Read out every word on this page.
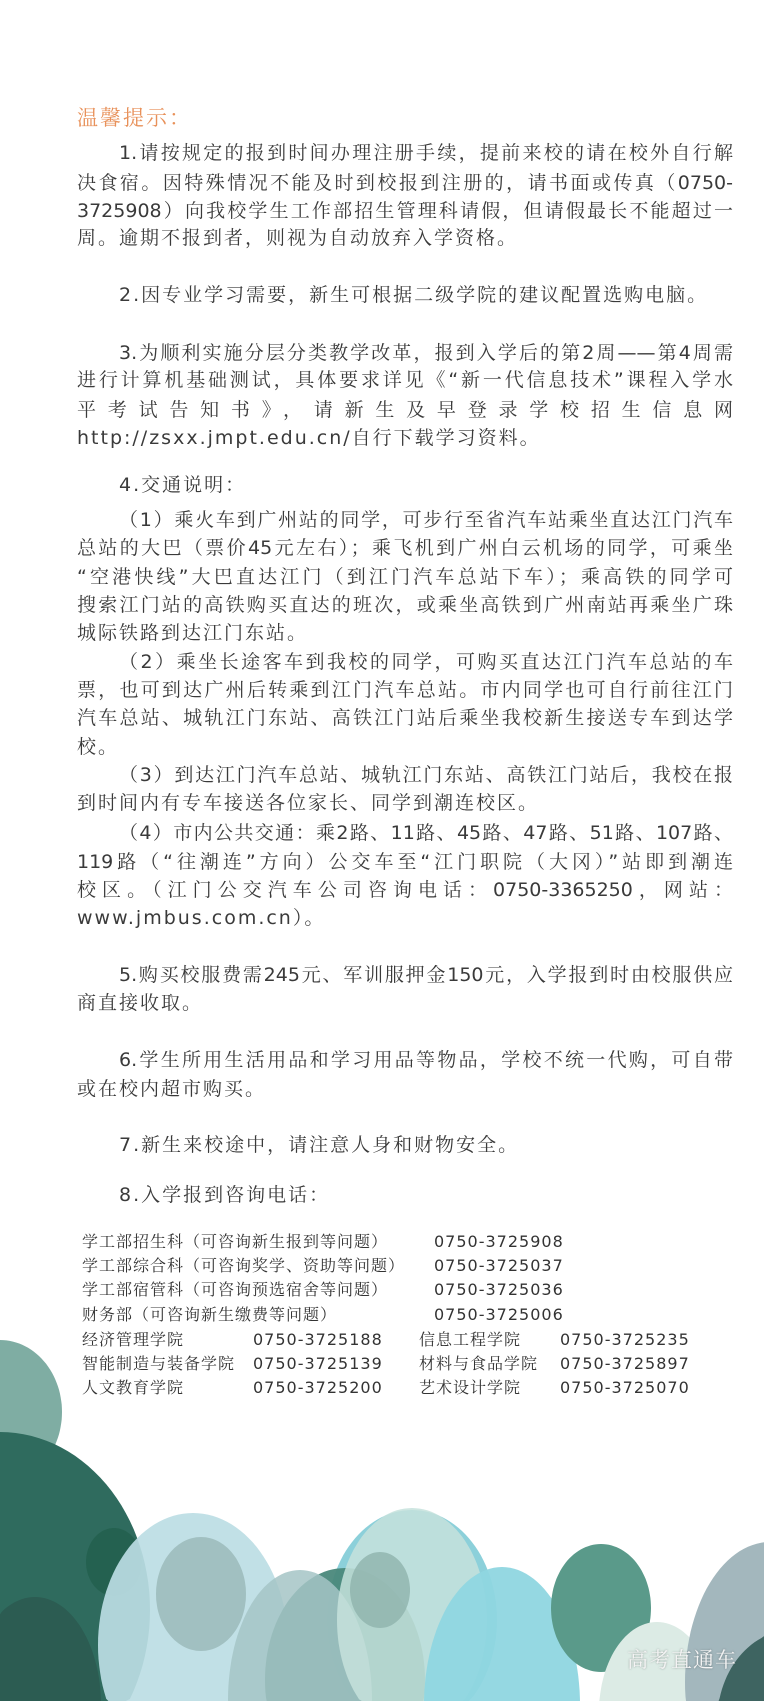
温馨提示：
1.请按规定的报到时间办理注册手续，提前来校的请在校外自行解
决食宿。因特殊情况不能及时到校报到注册的，请书面或传真（0750-
3725908）向我校学生工作部招生管理科请假，但请假最长不能超过一
周。逾期不报到者，则视为自动放弃入学资格。
2.因专业学习需要，新生可根据二级学院的建议配置选购电脑。
3.为顺利实施分层分类教学改革，报到入学后的第2周——第4周需
进行计算机基础测试，具体要求详见《“新一代信息技术”课程入学水
平考试告知书》，请新生及早登录学校招生信息网
http://zsxx.jmpt.edu.cn/自行下载学习资料。
4.交通说明：
（1）乘火车到广州站的同学，可步行至省汽车站乘坐直达江门汽车
总站的大巴（票价45元左右）；乘飞机到广州白云机场的同学，可乘坐
“空港快线”大巴直达江门（到江门汽车总站下车）；乘高铁的同学可
搜索江门站的高铁购买直达的班次，或乘坐高铁到广州南站再乘坐广珠
城际铁路到达江门东站。
（2）乘坐长途客车到我校的同学，可购买直达江门汽车总站的车
票，也可到达广州后转乘到江门汽车总站。市内同学也可自行前往江门
汽车总站、城轨江门东站、高铁江门站后乘坐我校新生接送专车到达学
校。
（3）到达江门汽车总站、城轨江门东站、高铁江门站后，我校在报
到时间内有专车接送各位家长、同学到潮连校区。
（4）市内公共交通：乘2路、11路、45路、47路、51路、107路、
119路（“往潮连”方向）公交车至“江门职院（大冈）”站即到潮连
校区。（江门公交汽车公司咨询电话：0750-3365250，网站：
www.jmbus.com.cn）。
5.购买校服费需245元、军训服押金150元，入学报到时由校服供应
商直接收取。
6.学生所用生活用品和学习用品等物品，学校不统一代购，可自带
或在校内超市购买。
7.新生来校途中，请注意人身和财物安全。
8.入学报到咨询电话：
学工部招生科（可咨询新生报到等问题）	0750-3725908
学工部综合科（可咨询奖学、资助等问题） 0750-3725037
学工部宿管科（可咨询预选宿舍等问题）	0750-3725036
财务部（可咨询新生缴费等问题）	0750-3725006
经济管理学院	0750-3725188 信息工程学院 0750-3725235
智能制造与装备学院 0750-3725139 材料与食品学院 0750-3725897
人文教育学院	0750-3725200 艺术设计学院 0750-3725070
高考直通车
